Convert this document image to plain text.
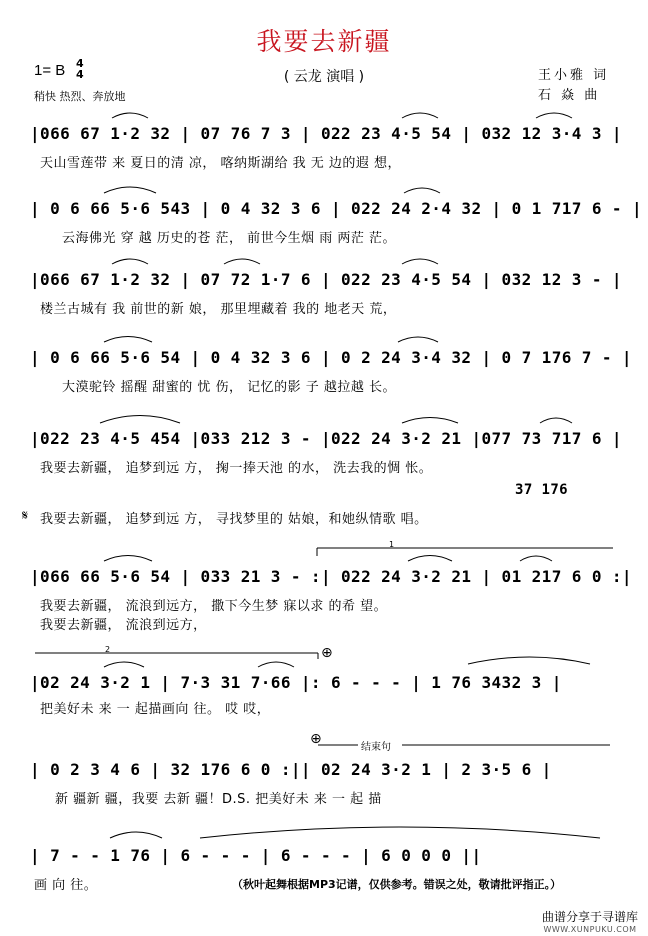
我要去新疆
( 云龙 演唱 )
1= B 4
4
稍快 热烈、奔放地
王小雅 词
石 焱 曲
|066 67 1·2 32 | 07 76 7 3 | 022 23 4·5 54 | 032 12 3·4 3 |
天山雪莲带 来 夏日的清 凉， 喀纳斯湖给 我 无 边的遐 想，
| 0 6 66 5·6 543 | 0 4 32 3 6 | 022 24 2·4 32 | 0 1 717 6 - |
云海佛光 穿 越 历史的苍 茫， 前世今生烟 雨 两茫 茫。
|066 67 1·2 32 | 07 72 1·7 6 | 022 23 4·5 54 | 032 12 3 - |
楼兰古城有 我 前世的新 娘， 那里埋藏着 我的 地老天 荒，
| 0 6 66 5·6 54 | 0 4 32 3 6 | 0 2 24 3·4 32 | 0 7 176 7 - |
大漠驼铃 摇醒 甜蜜的 忧 伤， 记忆的影 子 越拉越 长。
|022 23 4·5 454 |033 212 3 - |022 24 3·2 21 |077 73 717 6 |
我要去新疆， 追梦到远 方， 掬一捧天池 的水， 洗去我的惆 怅。
37 176
𝄋 我要去新疆， 追梦到远 方， 寻找梦里的 姑娘，和她纵情歌 唱。
1
|066 66 5·6 54 | 033 21 3 - :| 022 24 3·2 21 | 01 217 6 0 :|
我要去新疆， 流浪到远方， 撒下今生梦 寐以求 的希 望。
我要去新疆， 流浪到远方，
2	⊕
|02 24 3·2 1 | 7·3 31 7·66 |: 6 - - - | 1 76 3432 3 |
把美好未 来 一 起描画向 往。 哎 哎，
⊕
结束句
| 0 2 3 4 6 | 32 176 6 0 :|| 02 24 3·2 1 | 2 3·5 6 |
新 疆新 疆，我要 去新 疆！D.S. 把美好未 来 一 起 描
| 7 - - 1 76 | 6 - - - | 6 - - - | 6 0 0 0 ||
画 向 往。	（秋叶起舞根据MP3记谱，仅供参考。错误之处，敬请批评指正。）
曲谱分享于寻谱库
WWW.XUNPUKU.COM
